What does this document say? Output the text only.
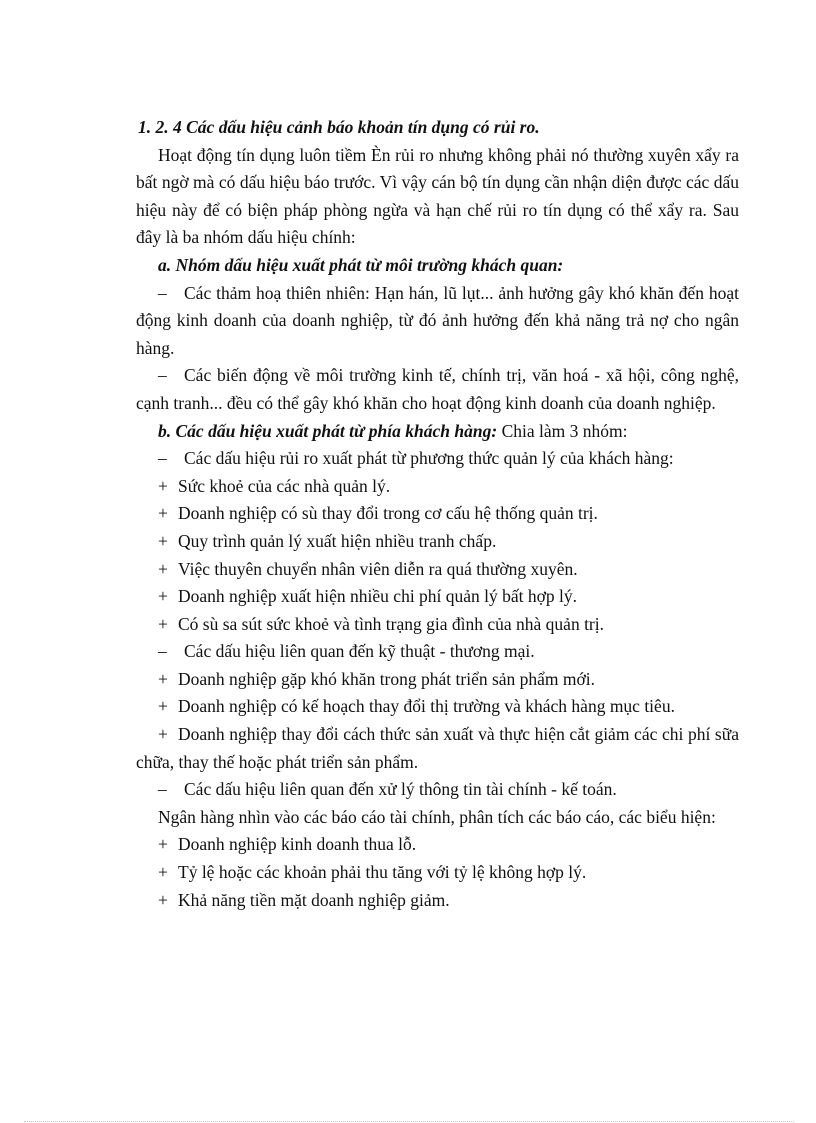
1. 2. 4 Các dấu hiệu cảnh báo khoản tín dụng có rủi ro.

Hoạt động tín dụng luôn tiềm Èn rủi ro nhưng không phải nó thường xuyên xẩy ra bất ngờ mà có dấu hiệu báo trước. Vì vậy cán bộ tín dụng cần nhận diện được các dấu hiệu này để có biện pháp phòng ngừa và hạn chế rủi ro tín dụng có thể xẩy ra. Sau đây là ba nhóm dấu hiệu chính:

a. Nhóm dấu hiệu xuất phát từ môi trường khách quan:

– Các thảm hoạ thiên nhiên: Hạn hán, lũ lụt... ảnh hưởng gây khó khăn đến hoạt động kinh doanh của doanh nghiệp, từ đó ảnh hưởng đến khả năng trả nợ cho ngân hàng.

– Các biến động về môi trường kinh tế, chính trị, văn hoá - xã hội, công nghệ, cạnh tranh... đều có thể gây khó khăn cho hoạt động kinh doanh của doanh nghiệp.

b. Các dấu hiệu xuất phát từ phía khách hàng: Chia làm 3 nhóm:

– Các dấu hiệu rủi ro xuất phát từ phương thức quản lý của khách hàng:

+ Sức khoẻ của các nhà quản lý.

+ Doanh nghiệp có sù thay đổi trong cơ cấu hệ thống quản trị.

+ Quy trình quản lý xuất hiện nhiều tranh chấp.

+ Việc thuyên chuyển nhân viên diễn ra quá thường xuyên.

+ Doanh nghiệp xuất hiện nhiều chi phí quản lý bất hợp lý.

+ Có sù sa sút sức khoẻ và tình trạng gia đình của nhà quản trị.

– Các dấu hiệu liên quan đến kỹ thuật - thương mại.

+ Doanh nghiệp gặp khó khăn trong phát triển sản phẩm mới.

+ Doanh nghiệp có kế hoạch thay đổi thị trường và khách hàng mục tiêu.

+ Doanh nghiệp thay đổi cách thức sản xuất và thực hiện cắt giảm các chi phí sữa chữa, thay thế hoặc phát triển sản phẩm.

– Các dấu hiệu liên quan đến xử lý thông tin tài chính - kế toán.

Ngân hàng nhìn vào các báo cáo tài chính, phân tích các báo cáo, các biểu hiện:

+ Doanh nghiệp kinh doanh thua lỗ.

+ Tỷ lệ hoặc các khoản phải thu tăng với tỷ lệ không hợp lý.

+ Khả năng tiền mặt doanh nghiệp giảm.
